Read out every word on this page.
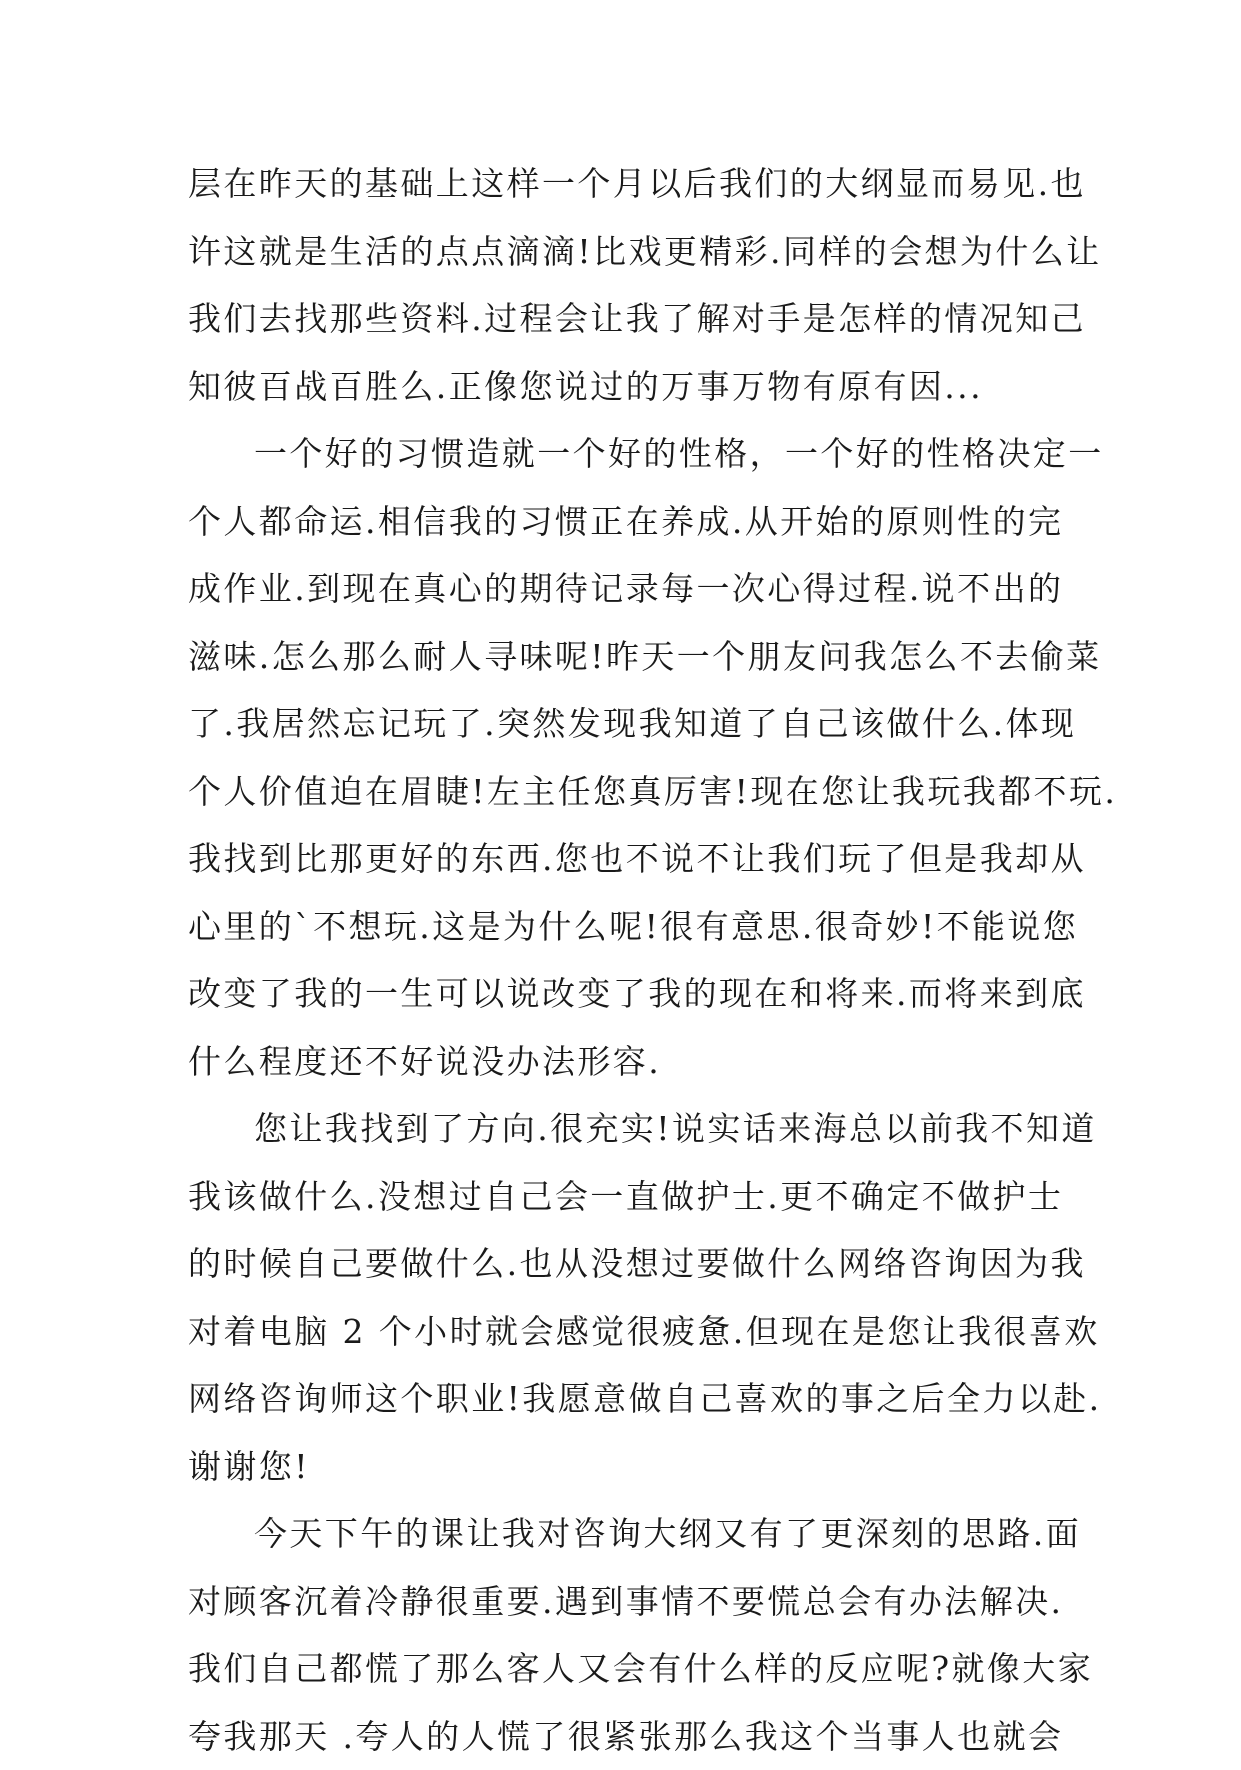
层在昨天的基础上这样一个月以后我们的大纲显而易见.也
许这就是生活的点点滴滴!比戏更精彩.同样的会想为什么让
我们去找那些资料.过程会让我了解对手是怎样的情况知己
知彼百战百胜么.正像您说过的万事万物有原有因...
一个好的习惯造就一个好的性格，一个好的性格决定一
个人都命运.相信我的习惯正在养成.从开始的原则性的完
成作业.到现在真心的期待记录每一次心得过程.说不出的
滋味.怎么那么耐人寻味呢!昨天一个朋友问我怎么不去偷菜
了.我居然忘记玩了.突然发现我知道了自己该做什么.体现
个人价值迫在眉睫!左主任您真厉害!现在您让我玩我都不玩.
我找到比那更好的东西.您也不说不让我们玩了但是我却从
心里的`不想玩.这是为什么呢!很有意思.很奇妙!不能说您
改变了我的一生可以说改变了我的现在和将来.而将来到底
什么程度还不好说没办法形容.
您让我找到了方向.很充实!说实话来海总以前我不知道
我该做什么.没想过自己会一直做护士.更不确定不做护士
的时候自己要做什么.也从没想过要做什么网络咨询因为我
对着电脑 2 个小时就会感觉很疲惫.但现在是您让我很喜欢
网络咨询师这个职业!我愿意做自己喜欢的事之后全力以赴.
谢谢您!
今天下午的课让我对咨询大纲又有了更深刻的思路.面
对顾客沉着冷静很重要.遇到事情不要慌总会有办法解决.
我们自己都慌了那么客人又会有什么样的反应呢?就像大家
夸我那天 .夸人的人慌了很紧张那么我这个当事人也就会
